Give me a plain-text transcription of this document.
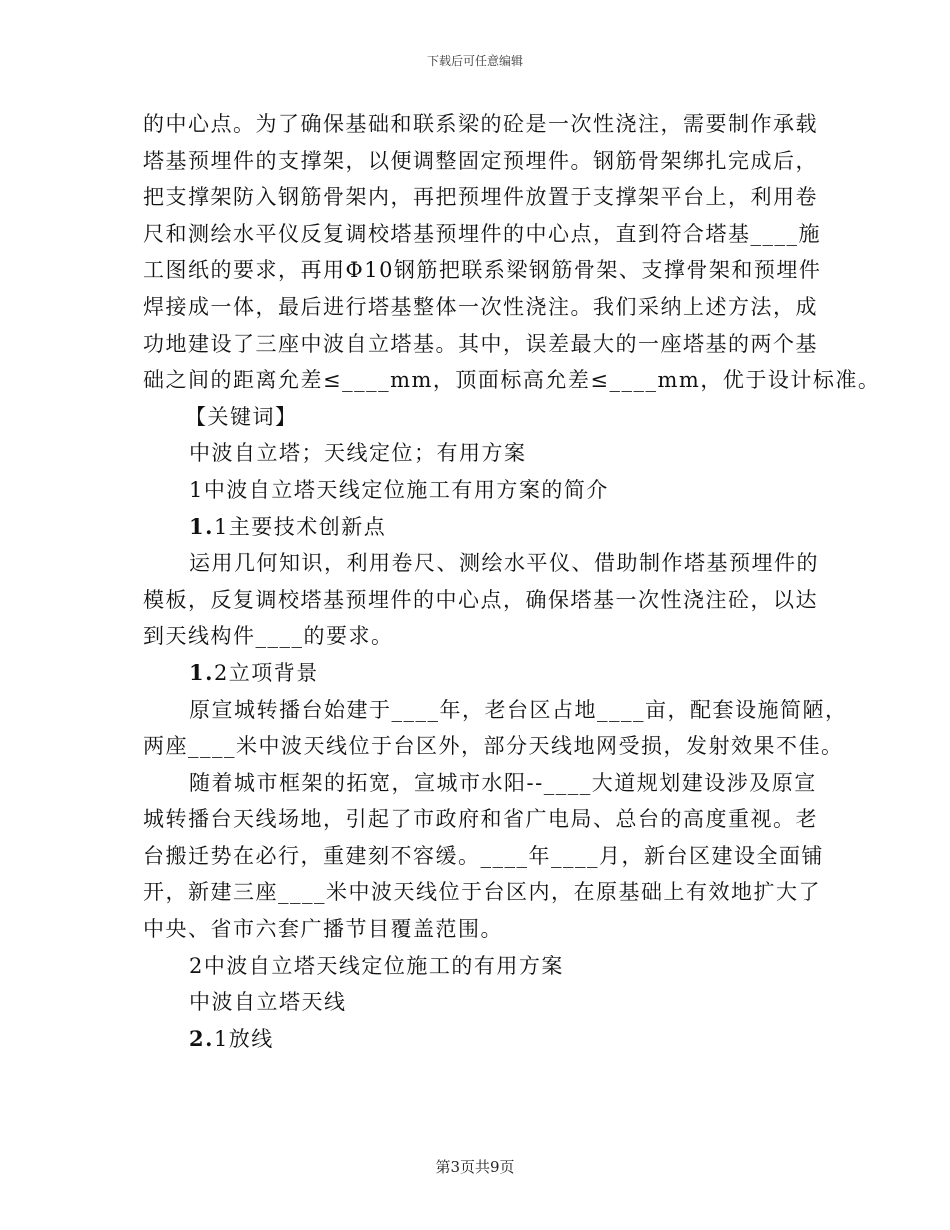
下载后可任意编辑

的中心点。为了确保基础和联系梁的砼是一次性浇注，需要制作承载

塔基预埋件的支撑架，以便调整固定预埋件。钢筋骨架绑扎完成后，

把支撑架防入钢筋骨架内，再把预埋件放置于支撑架平台上，利用卷

尺和测绘水平仪反复调校塔基预埋件的中心点，直到符合塔基____施

工图纸的要求，再用Φ10钢筋把联系梁钢筋骨架、支撑骨架和预埋件

焊接成一体，最后进行塔基整体一次性浇注。我们采纳上述方法，成

功地建设了三座中波自立塔基。其中，误差最大的一座塔基的两个基

础之间的距离允差≤____mm，顶面标高允差≤____mm，优于设计标准。

【关键词】

中波自立塔；天线定位；有用方案

1中波自立塔天线定位施工有用方案的简介

1.1主要技术创新点

运用几何知识，利用卷尺、测绘水平仪、借助制作塔基预埋件的

模板，反复调校塔基预埋件的中心点，确保塔基一次性浇注砼，以达

到天线构件____的要求。

1.2立项背景

原宣城转播台始建于____年，老台区占地____亩，配套设施简陋，

两座____米中波天线位于台区外，部分天线地网受损，发射效果不佳。

随着城市框架的拓宽，宣城市水阳--____大道规划建设涉及原宣

城转播台天线场地，引起了市政府和省广电局、总台的高度重视。老

台搬迁势在必行，重建刻不容缓。____年____月，新台区建设全面铺

开，新建三座____米中波天线位于台区内，在原基础上有效地扩大了

中央、省市六套广播节目覆盖范围。

2中波自立塔天线定位施工的有用方案

中波自立塔天线

2.1放线

第3页共9页
